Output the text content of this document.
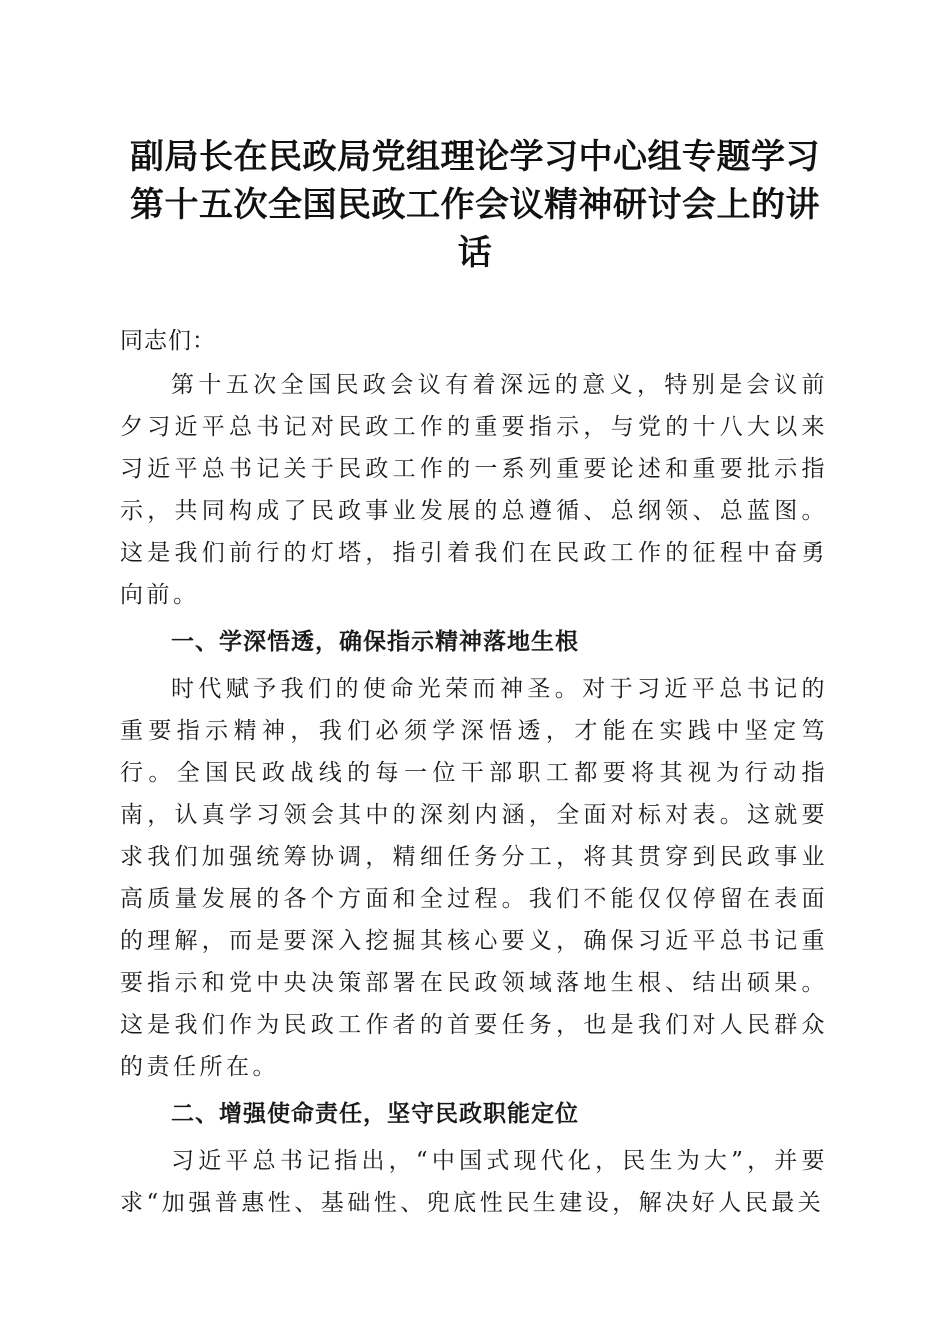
副局长在民政局党组理论学习中心组专题学习
第十五次全国民政工作会议精神研讨会上的讲
话

同志们：

第十五次全国民政会议有着深远的意义，特别是会议前夕习近平总书记对民政工作的重要指示，与党的十八大以来习近平总书记关于民政工作的一系列重要论述和重要批示指示，共同构成了民政事业发展的总遵循、总纲领、总蓝图。这是我们前行的灯塔，指引着我们在民政工作的征程中奋勇向前。

一、学深悟透，确保指示精神落地生根

时代赋予我们的使命光荣而神圣。对于习近平总书记的重要指示精神，我们必须学深悟透，才能在实践中坚定笃行。全国民政战线的每一位干部职工都要将其视为行动指南，认真学习领会其中的深刻内涵，全面对标对表。这就要求我们加强统筹协调，精细任务分工，将其贯穿到民政事业高质量发展的各个方面和全过程。我们不能仅仅停留在表面的理解，而是要深入挖掘其核心要义，确保习近平总书记重要指示和党中央决策部署在民政领域落地生根、结出硕果。这是我们作为民政工作者的首要任务，也是我们对人民群众的责任所在。

二、增强使命责任，坚守民政职能定位

习近平总书记指出，“中国式现代化，民生为大”，并要求“加强普惠性、基础性、兜底性民生建设，解决好人民最关
